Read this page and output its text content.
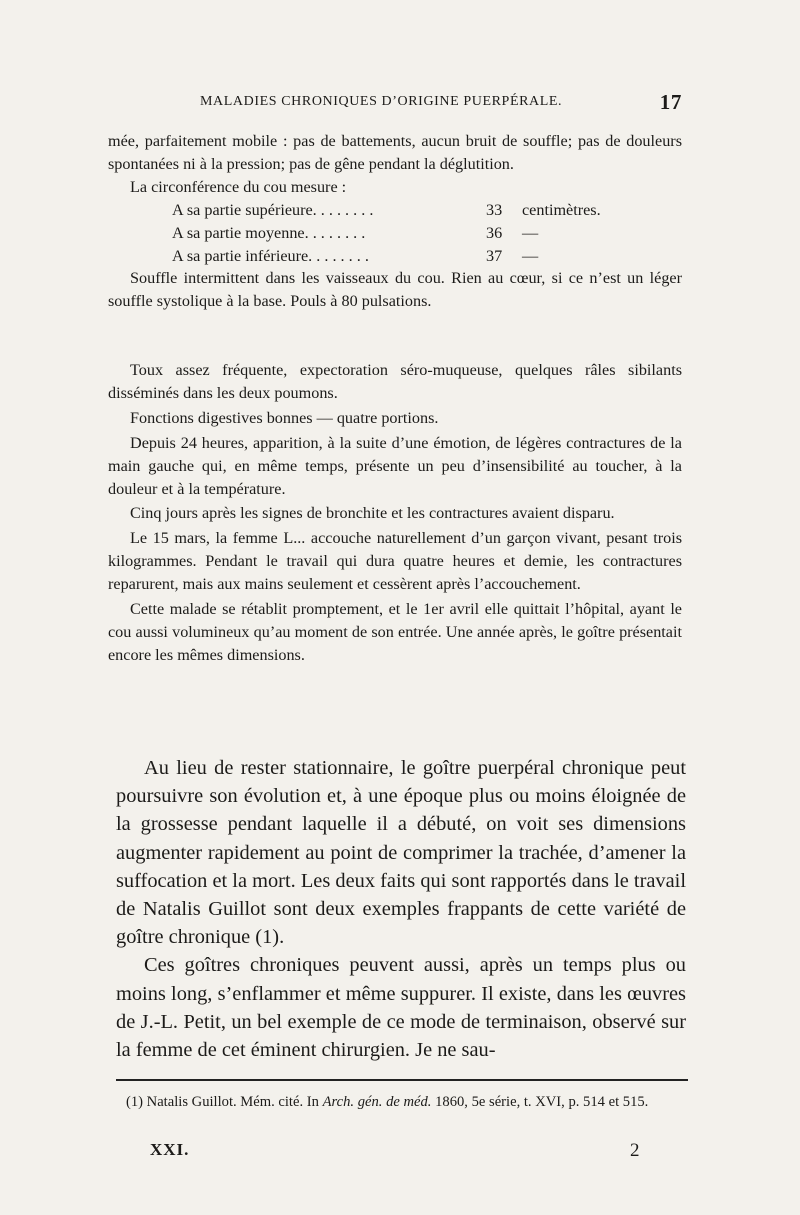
MALADIES CHRONIQUES D’ORIGINE PUERPÉRALE.	17

mée, parfaitement mobile : pas de battements, aucun bruit de souffle; pas de douleurs spontanées ni à la pression; pas de gêne pendant la déglutition.

La circonférence du cou mesure :

A sa partie supérieure. . . . . . . .	33 centimètres.
A sa partie moyenne. . . . . . . .	36 —
A sa partie inférieure. . . . . . . .	37 —

Souffle intermittent dans les vaisseaux du cou. Rien au cœur, si ce n’est un léger souffle systolique à la base. Pouls à 80 pulsations.

Toux assez fréquente, expectoration séro-muqueuse, quelques râles sibilants disséminés dans les deux poumons.

Fonctions digestives bonnes — quatre portions.

Depuis 24 heures, apparition, à la suite d’une émotion, de légères contractures de la main gauche qui, en même temps, présente un peu d’insensibilité au toucher, à la douleur et à la température.

Cinq jours après les signes de bronchite et les contractures avaient disparu.

Le 15 mars, la femme L... accouche naturellement d’un garçon vivant, pesant trois kilogrammes. Pendant le travail qui dura quatre heures et demie, les contractures reparurent, mais aux mains seulement et cessèrent après l’accouchement.

Cette malade se rétablit promptement, et le 1er avril elle quittait l’hôpital, ayant le cou aussi volumineux qu’au moment de son entrée. Une année après, le goître présentait encore les mêmes dimensions.

Au lieu de rester stationnaire, le goître puerpéral chronique peut poursuivre son évolution et, à une époque plus ou moins éloignée de la grossesse pendant laquelle il a débuté, on voit ses dimensions augmenter rapidement au point de comprimer la trachée, d’amener la suffocation et la mort. Les deux faits qui sont rapportés dans le travail de Natalis Guillot sont deux exemples frappants de cette variété de goître chronique (1).

Ces goîtres chroniques peuvent aussi, après un temps plus ou moins long, s’enflammer et même suppurer. Il existe, dans les œuvres de J.-L. Petit, un bel exemple de ce mode de terminaison, observé sur la femme de cet éminent chirurgien. Je ne sau-

(1) Natalis Guillot. Mém. cité. In Arch. gén. de méd. 1860, 5e série, t. XVI, p. 514 et 515.

XXI.	2
